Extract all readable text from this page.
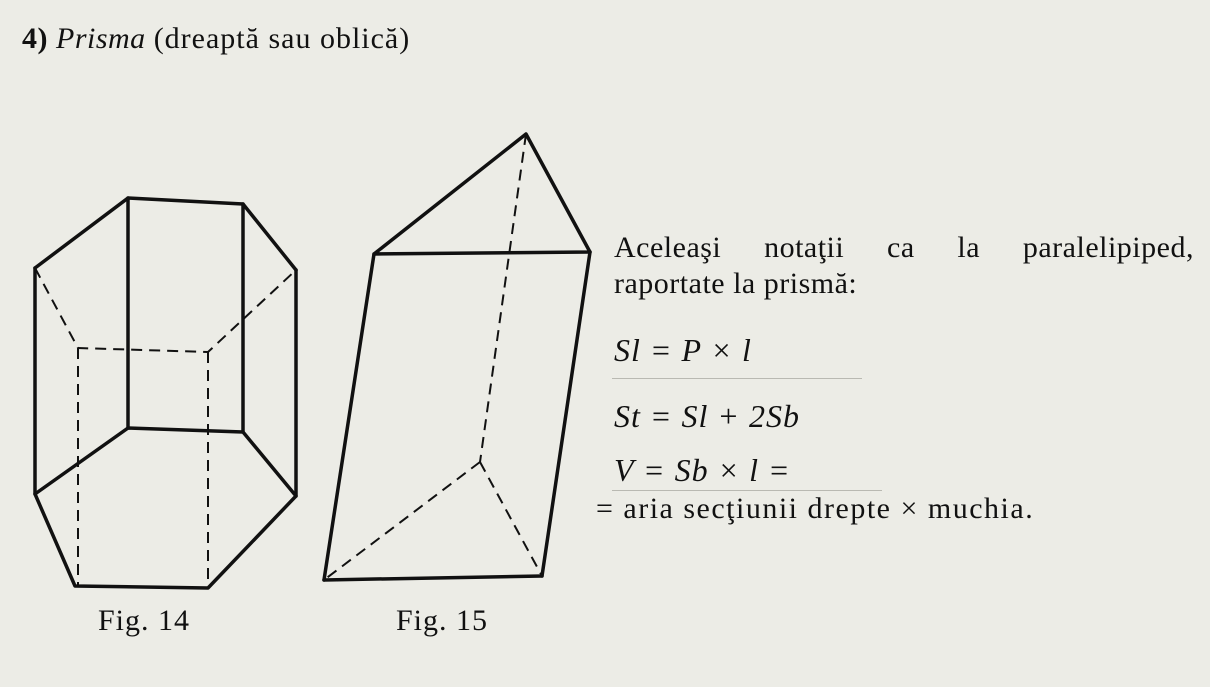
4) Prisma (dreaptă sau oblică)
Fig. 14	Fig. 15
Aceleaşi notaţii ca la paralelipiped,
raportate la prismă:
Sl = P × l
St = Sl + 2Sb
V = Sb × l =
= aria secţiunii drepte × muchia.
